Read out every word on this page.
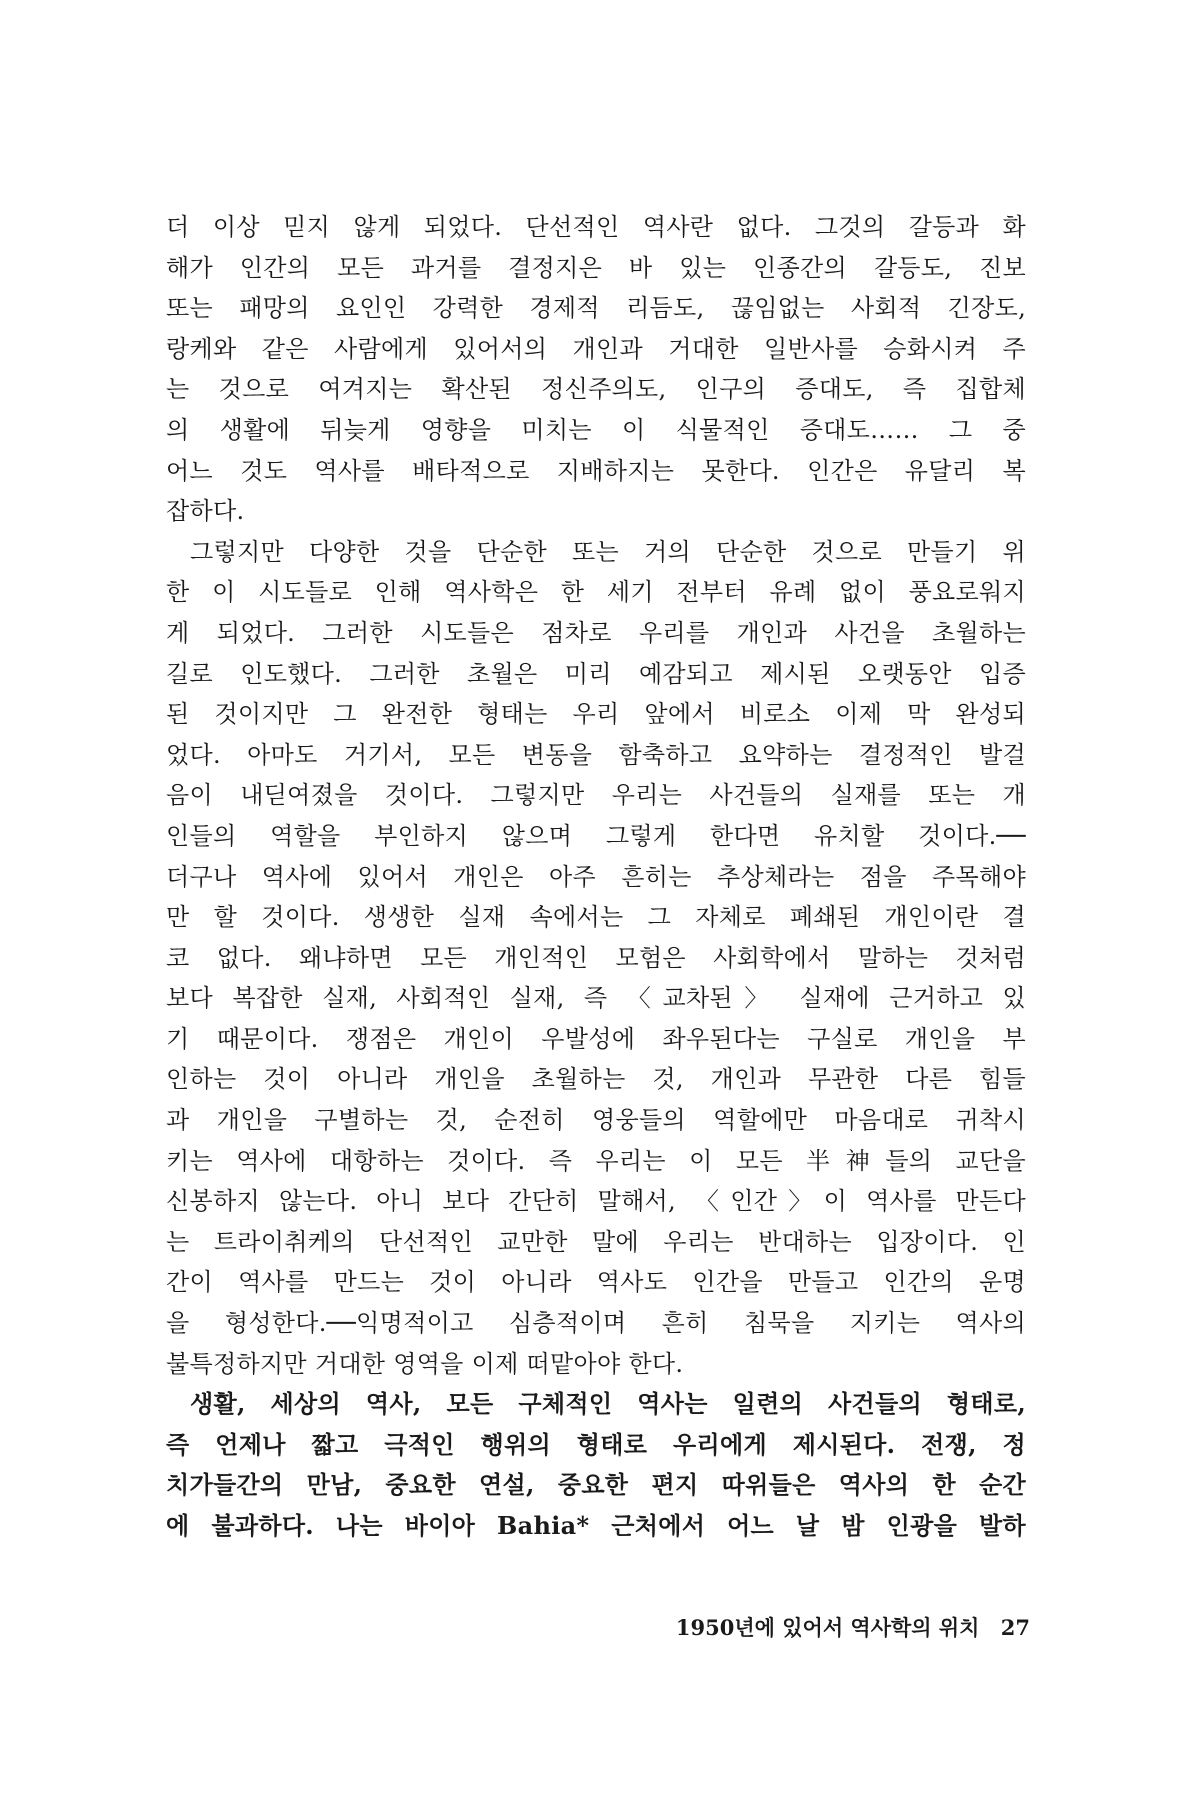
더 이상 믿지 않게 되었다. 단선적인 역사란 없다. 그것의 갈등과 화
해가 인간의 모든 과거를 결정지은 바 있는 인종간의 갈등도, 진보
또는 패망의 요인인 강력한 경제적 리듬도, 끊임없는 사회적 긴장도,
랑케와 같은 사람에게 있어서의 개인과 거대한 일반사를 승화시켜 주
는 것으로 여겨지는 확산된 정신주의도, 인구의 증대도, 즉 집합체
의 생활에 뒤늦게 영향을 미치는 이 식물적인 증대도…… 그 중
어느 것도 역사를 배타적으로 지배하지는 못한다. 인간은 유달리 복
잡하다.
그렇지만 다양한 것을 단순한 또는 거의 단순한 것으로 만들기 위
한 이 시도들로 인해 역사학은 한 세기 전부터 유례 없이 풍요로워지
게 되었다. 그러한 시도들은 점차로 우리를 개인과 사건을 초월하는
길로 인도했다. 그러한 초월은 미리 예감되고 제시된 오랫동안 입증
된 것이지만 그 완전한 형태는 우리 앞에서 비로소 이제 막 완성되
었다. 아마도 거기서, 모든 변동을 함축하고 요약하는 결정적인 발걸
음이 내딛여졌을 것이다. 그렇지만 우리는 사건들의 실재를 또는 개
인들의 역할을 부인하지 않으며 그렇게 한다면 유치할 것이다.──
더구나 역사에 있어서 개인은 아주 흔히는 추상체라는 점을 주목해야
만 할 것이다. 생생한 실재 속에서는 그 자체로 폐쇄된 개인이란 결
코 없다. 왜냐하면 모든 개인적인 모험은 사회학에서 말하는 것처럼
보다 복잡한 실재, 사회적인 실재, 즉 〈교차된〉 실재에 근거하고 있
기 때문이다. 쟁점은 개인이 우발성에 좌우된다는 구실로 개인을 부
인하는 것이 아니라 개인을 초월하는 것, 개인과 무관한 다른 힘들
과 개인을 구별하는 것, 순전히 영웅들의 역할에만 마음대로 귀착시
키는 역사에 대항하는 것이다. 즉 우리는 이 모든 半神들의 교단을
신봉하지 않는다. 아니 보다 간단히 말해서, 〈인간〉이 역사를 만든다
는 트라이취케의 단선적인 교만한 말에 우리는 반대하는 입장이다. 인
간이 역사를 만드는 것이 아니라 역사도 인간을 만들고 인간의 운명
을 형성한다.──익명적이고 심층적이며 흔히 침묵을 지키는 역사의
불특정하지만 거대한 영역을 이제 떠맡아야 한다.
생활, 세상의 역사, 모든 구체적인 역사는 일련의 사건들의 형태로,
즉 언제나 짧고 극적인 행위의 형태로 우리에게 제시된다. 전쟁, 정
치가들간의 만남, 중요한 연설, 중요한 편지 따위들은 역사의 한 순간
에 불과하다. 나는 바이아 Bahia* 근처에서 어느 날 밤 인광을 발하
1950년에 있어서 역사학의 위치 27
